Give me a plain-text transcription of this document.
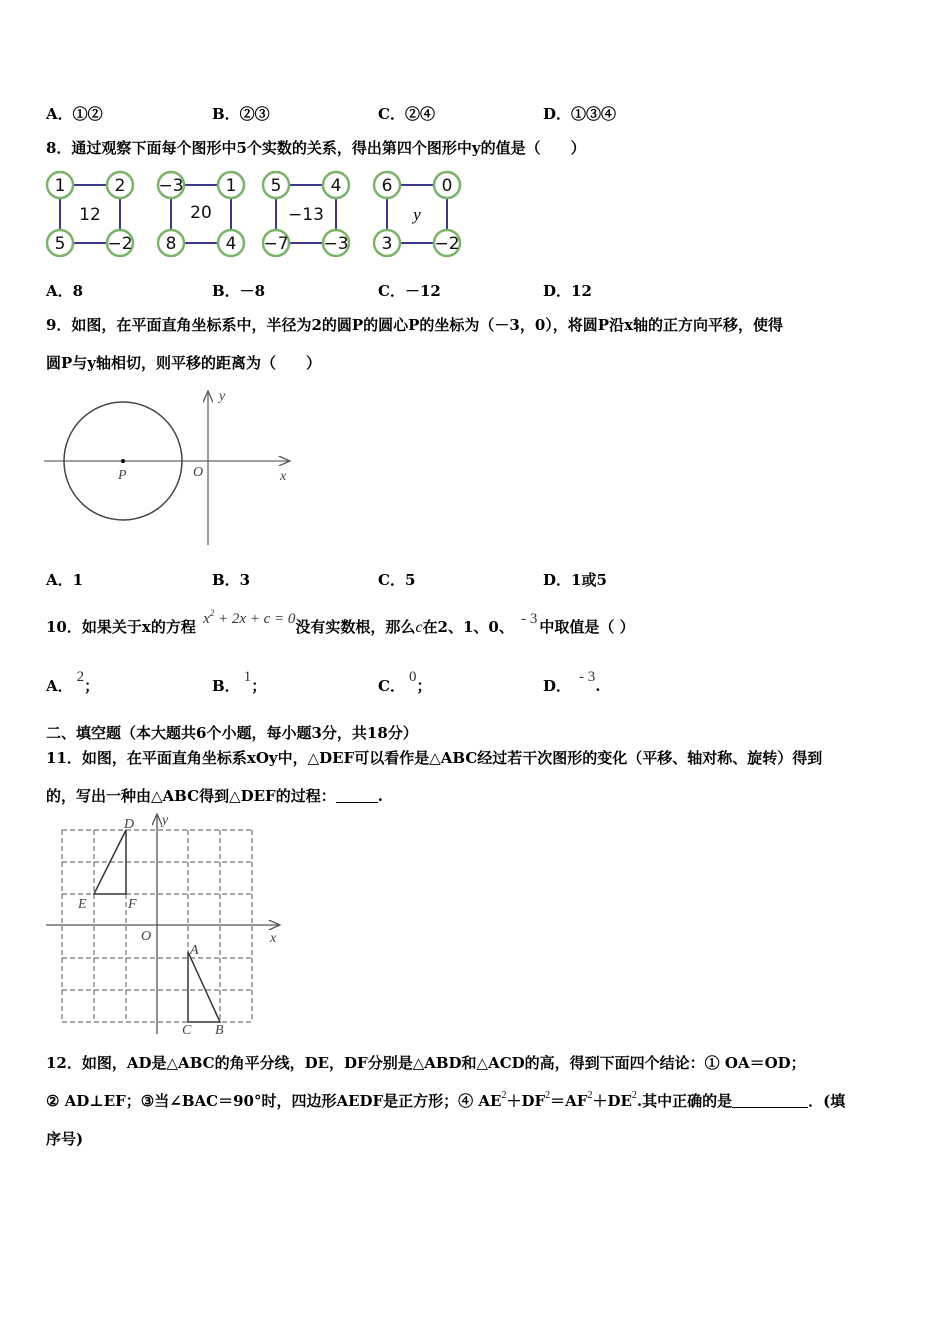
A．①②	B．②③	C．②④	D．①③④
8．通过观察下面每个图形中5个实数的关系，得出第四个图形中y的值是（　　）
1	2
12
5 −2
−3 1
20
8	4
5	4
−13
−7 −3
6	0
y
3 −2
A．8	B．－8	C．－12	D．12
9．如图，在平面直角坐标系中，半径为2的圆P的圆心P的坐标为（－3，0），将圆P沿x轴的正方向平移，使得
圆P与y轴相切，则平移的距离为（　　）
P	O	x
y
A．1	B．3	C．5	D．1或5
10．如果关于x的方程 $x^2 + 2x + c = 0$没有实数根，那么c在2、1、0、 - 3 中取值是（ ）
A． 2；	B． 1；	C． 0；	D． - 3.
二、填空题（本大题共6个小题，每小题3分，共18分）
11．如图，在平面直角坐标系xOy中，△DEF可以看作是△ABC经过若干次图形的变化（平移、轴对称、旋转）得到
的，写出一种由△ABC得到△DEF的过程：	.
D
E	F
O
A
C B
x
y
12．如图，AD是△ABC的角平分线，DE，DF分别是△ABD和△ACD的高，得到下面四个结论：① OA＝OD；
② AD⊥EF；③当∠BAC＝90°时，四边形AEDF是正方形；④ $AE^2+DF^2=AF^2+DE^2$.其中正确的是	．(填
序号)
